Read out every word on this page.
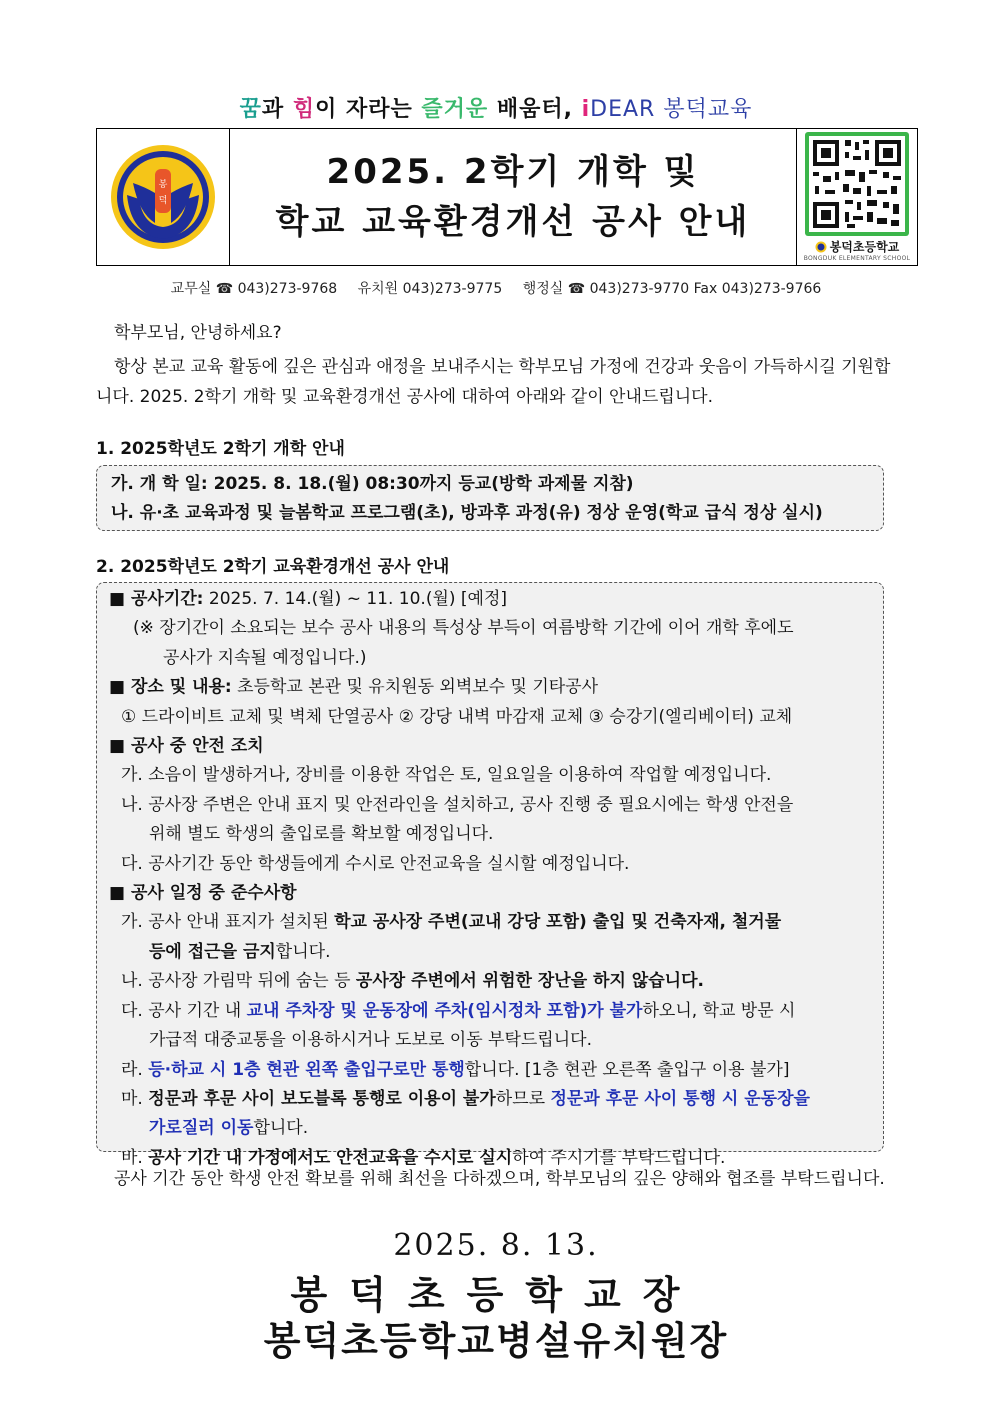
꿈과 힘이 자라는 즐거운 배움터, iDEAR 봉덕교육
봉
덕
2025. 2학기 개학 및
학교 교육환경개선 공사 안내
봉덕초등학교
BONGDUK ELEMENTARY SCHOOL
교무실 ☎ 043)273-9768 유치원 043)273-9775 행정실 ☎ 043)273-9770 Fax 043)273-9766
학부모님, 안녕하세요?
항상 본교 교육 활동에 깊은 관심과 애정을 보내주시는 학부모님 가정에 건강과 웃음이 가득하시길 기원합니다. 2025. 2학기 개학 및 교육환경개선 공사에 대하여 아래와 같이 안내드립니다.
1. 2025학년도 2학기 개학 안내
가. 개 학 일: 2025. 8. 18.(월) 08:30까지 등교(방학 과제물 지참)
나. 유·초 교육과정 및 늘봄학교 프로그램(초), 방과후 과정(유) 정상 운영(학교 급식 정상 실시)
2. 2025학년도 2학기 교육환경개선 공사 안내
■ 공사기간: 2025. 7. 14.(월) ~ 11. 10.(월) [예정]
(※ 장기간이 소요되는 보수 공사 내용의 특성상 부득이 여름방학 기간에 이어 개학 후에도
공사가 지속될 예정입니다.)
■ 장소 및 내용: 초등학교 본관 및 유치원동 외벽보수 및 기타공사
① 드라이비트 교체 및 벽체 단열공사 ② 강당 내벽 마감재 교체 ③ 승강기(엘리베이터) 교체
■ 공사 중 안전 조치
가. 소음이 발생하거나, 장비를 이용한 작업은 토, 일요일을 이용하여 작업할 예정입니다.
나. 공사장 주변은 안내 표지 및 안전라인을 설치하고, 공사 진행 중 필요시에는 학생 안전을
위해 별도 학생의 출입로를 확보할 예정입니다.
다. 공사기간 동안 학생들에게 수시로 안전교육을 실시할 예정입니다.
■ 공사 일정 중 준수사항
가. 공사 안내 표지가 설치된 학교 공사장 주변(교내 강당 포함) 출입 및 건축자재, 철거물
등에 접근을 금지합니다.
나. 공사장 가림막 뒤에 숨는 등 공사장 주변에서 위험한 장난을 하지 않습니다.
다. 공사 기간 내 교내 주차장 및 운동장에 주차(임시정차 포함)가 불가하오니, 학교 방문 시
가급적 대중교통을 이용하시거나 도보로 이동 부탁드립니다.
라. 등·하교 시 1층 현관 왼쪽 출입구로만 통행합니다. [1층 현관 오른쪽 출입구 이용 불가]
마. 정문과 후문 사이 보도블록 통행로 이용이 불가하므로 정문과 후문 사이 통행 시 운동장을
가로질러 이동합니다.
바. 공사 기간 내 가정에서도 안전교육을 수시로 실시하여 주시기를 부탁드립니다.
공사 기간 동안 학생 안전 확보를 위해 최선을 다하겠으며, 학부모님의 깊은 양해와 협조를 부탁드립니다.
2025. 8. 13.
봉덕초등학교장
봉덕초등학교병설유치원장
